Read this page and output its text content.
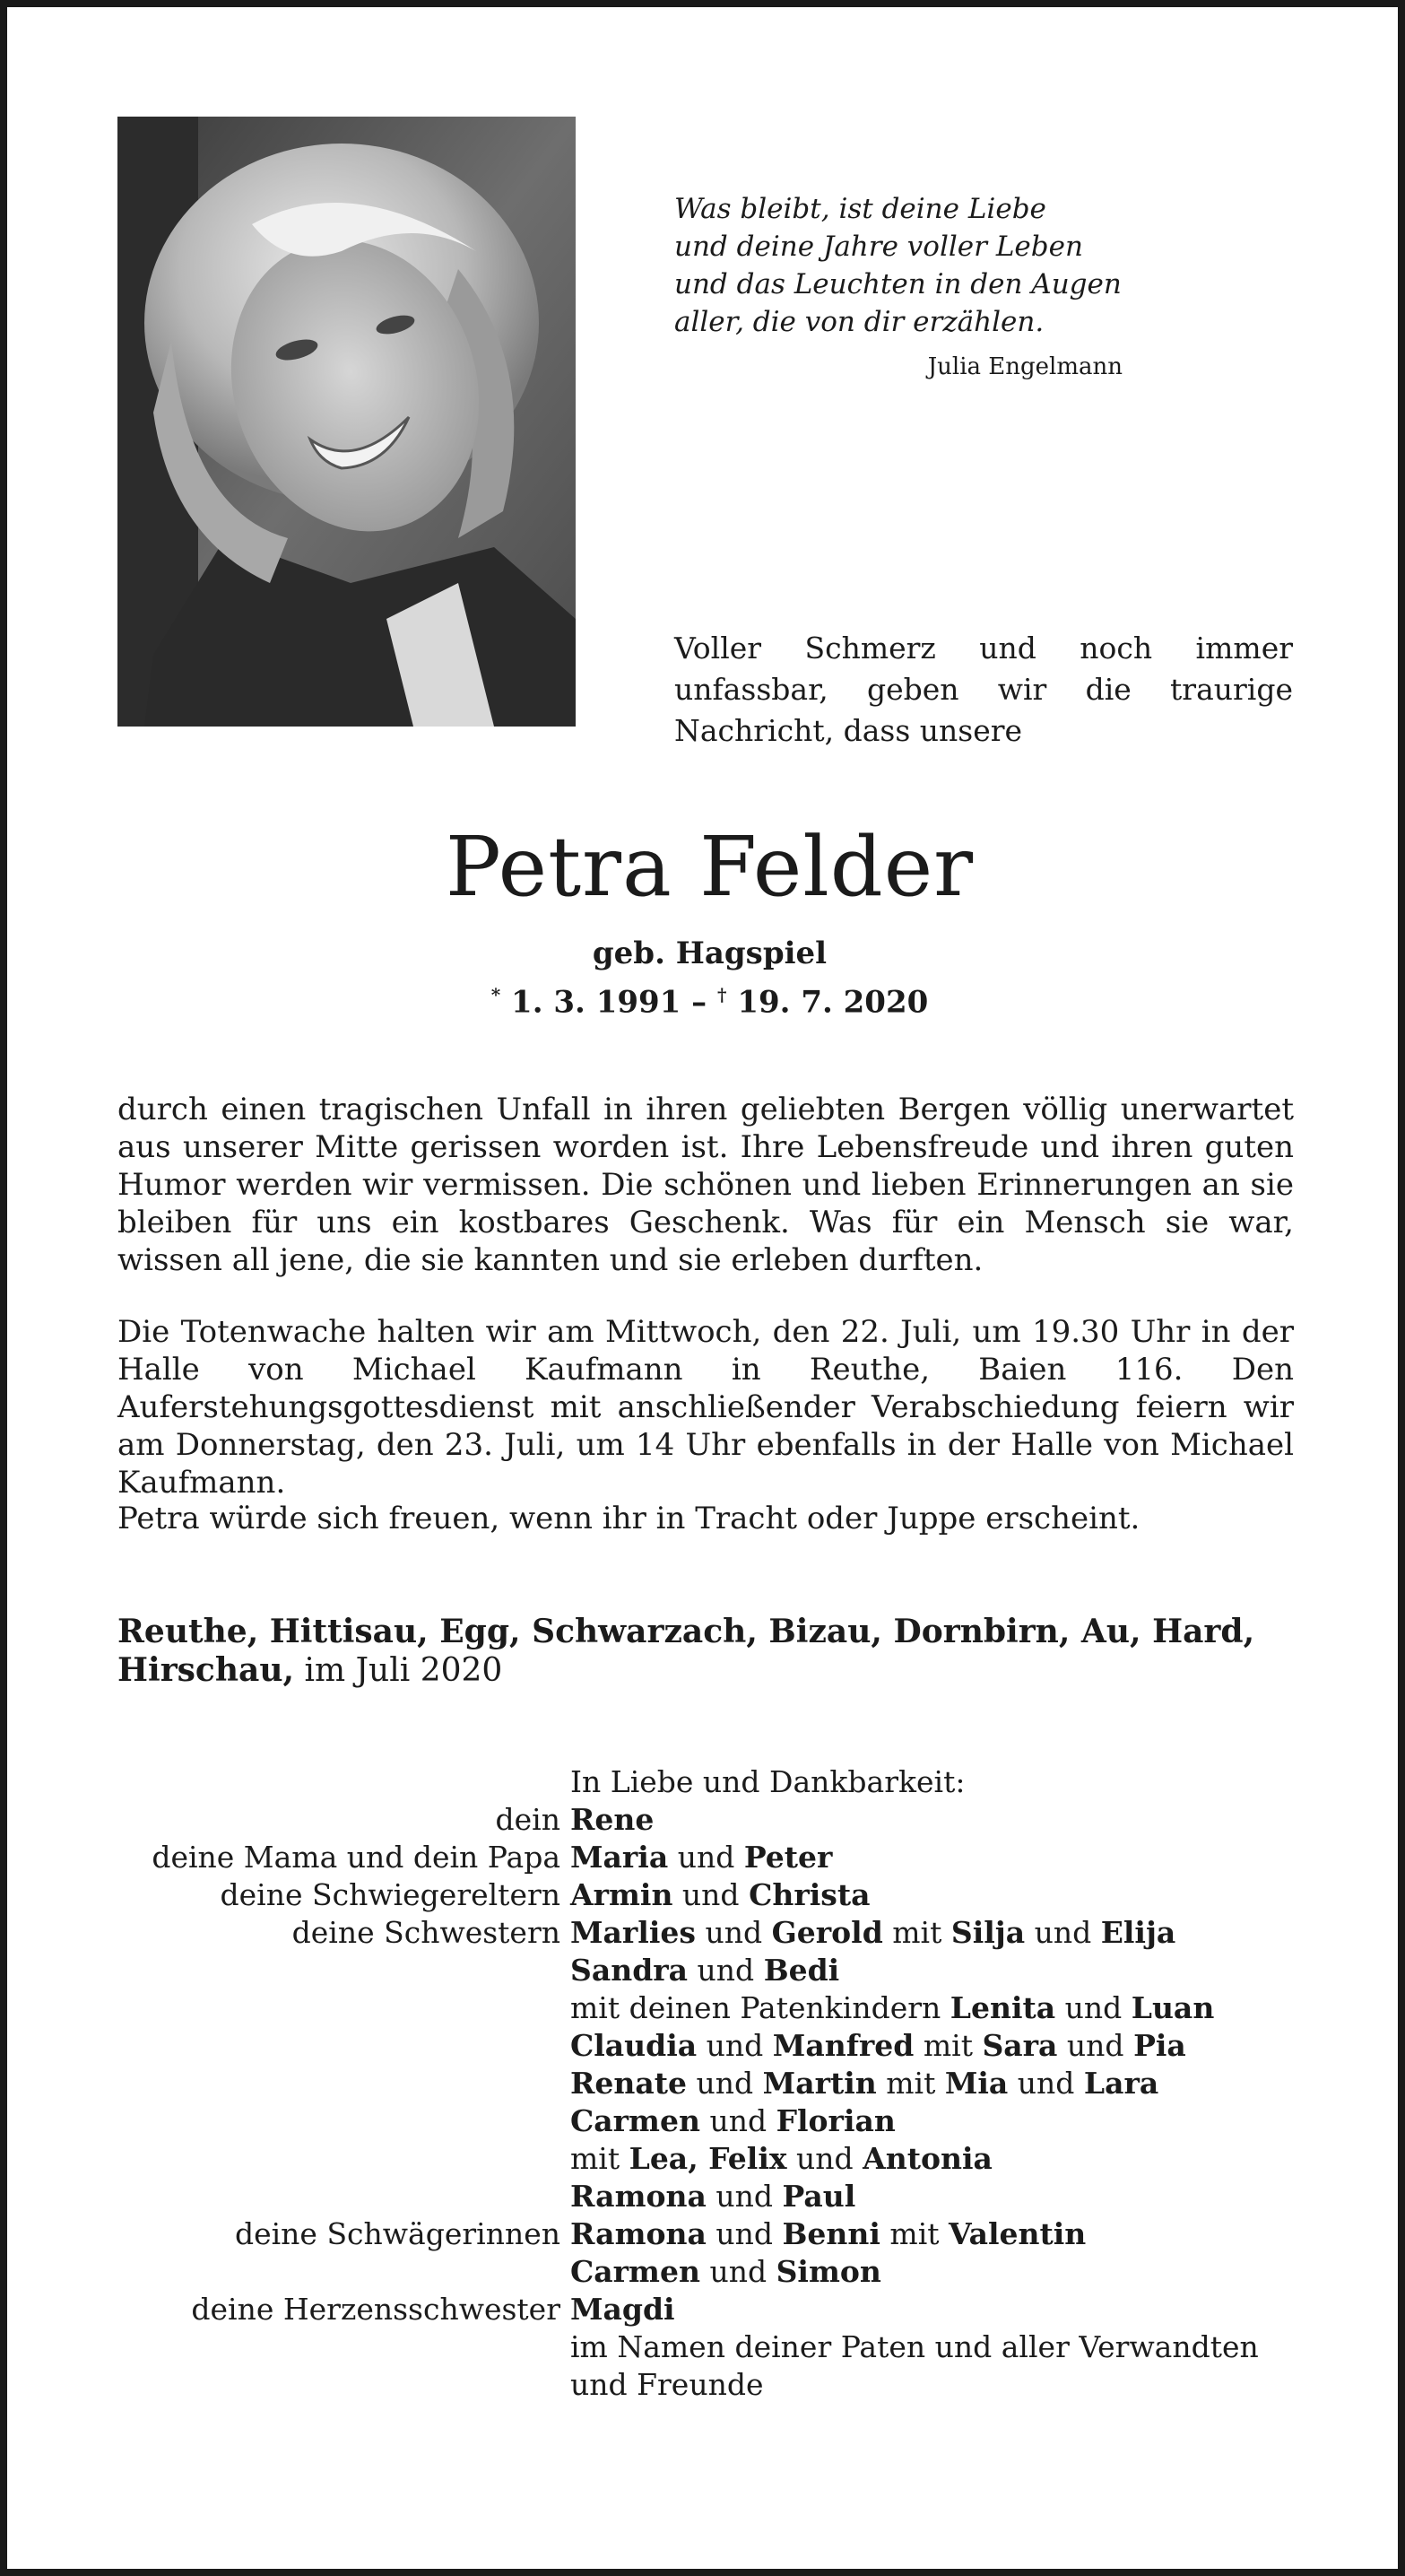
Was bleibt, ist deine Liebe
und deine Jahre voller Leben
und das Leuchten in den Augen
aller, die von dir erzählen.
Julia Engelmann
Voller Schmerz und noch immer unfassbar, geben wir die traurige Nachricht, dass unsere
Petra Felder
geb. Hagspiel
* 1. 3. 1991 – † 19. 7. 2020
durch einen tragischen Unfall in ihren geliebten Bergen völlig unerwartet aus unserer Mitte gerissen worden ist. Ihre Lebensfreude und ihren guten Humor werden wir vermissen. Die schönen und lieben Erinnerungen an sie bleiben für uns ein kostbares Geschenk. Was für ein Mensch sie war, wissen all jene, die sie kannten und sie erleben durften.
Die Totenwache halten wir am Mittwoch, den 22. Juli, um 19.30 Uhr in der Halle von Michael Kaufmann in Reuthe, Baien 116. Den Auferstehungsgottesdienst mit anschließender Verabschiedung feiern wir am Donnerstag, den 23. Juli, um 14 Uhr ebenfalls in der Halle von Michael Kaufmann.
Petra würde sich freuen, wenn ihr in Tracht oder Juppe erscheint.
Reuthe, Hittisau, Egg, Schwarzach, Bizau, Dornbirn, Au, Hard,
Hirschau, im Juli 2020
In Liebe und Dankbarkeit:
dein Rene
deine Mama und dein Papa Maria und Peter
deine Schwiegereltern Armin und Christa
deine Schwestern Marlies und Gerold mit Silja und Elija
Sandra und Bedi
mit deinen Patenkindern Lenita und Luan
Claudia und Manfred mit Sara und Pia
Renate und Martin mit Mia und Lara
Carmen und Florian
mit Lea, Felix und Antonia
Ramona und Paul
deine Schwägerinnen Ramona und Benni mit Valentin
Carmen und Simon
deine Herzensschwester Magdi
im Namen deiner Paten und aller Verwandten
und Freunde
